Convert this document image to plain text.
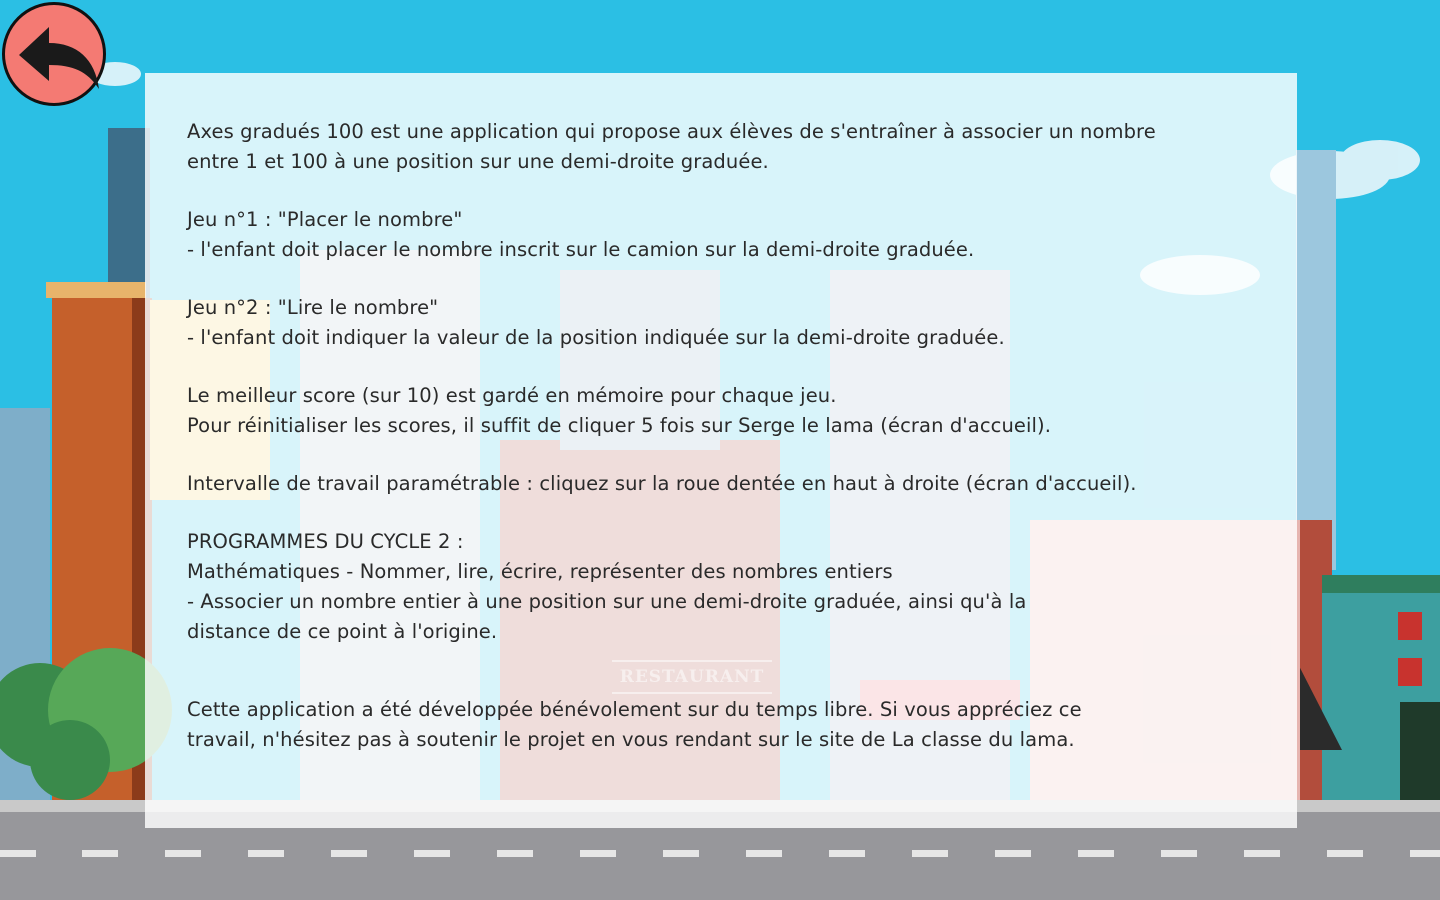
Axes gradués 100 est une application qui propose aux élèves de s'entraîner à associer un nombre
entre 1 et 100 à une position sur une demi-droite graduée.

Jeu n°1 : "Placer le nombre"
- l'enfant doit placer le nombre inscrit sur le camion sur la demi-droite graduée.

Jeu n°2 : "Lire le nombre"
- l'enfant doit indiquer la valeur de la position indiquée sur la demi-droite graduée.

Le meilleur score (sur 10) est gardé en mémoire pour chaque jeu.
Pour réinitialiser les scores, il suffit de cliquer 5 fois sur Serge le lama (écran d'accueil).

Intervalle de travail paramétrable : cliquez sur la roue dentée en haut à droite (écran d'accueil).

PROGRAMMES DU CYCLE 2 :
Mathématiques - Nommer, lire, écrire, représenter des nombres entiers
- Associer un nombre entier à une position sur une demi-droite graduée, ainsi qu'à la
distance de ce point à l'origine.

Cette application a été développée bénévolement sur du temps libre. Si vous appréciez ce
travail, n'hésitez pas à soutenir le projet en vous rendant sur le site de La classe du lama.

RESTAURANT
